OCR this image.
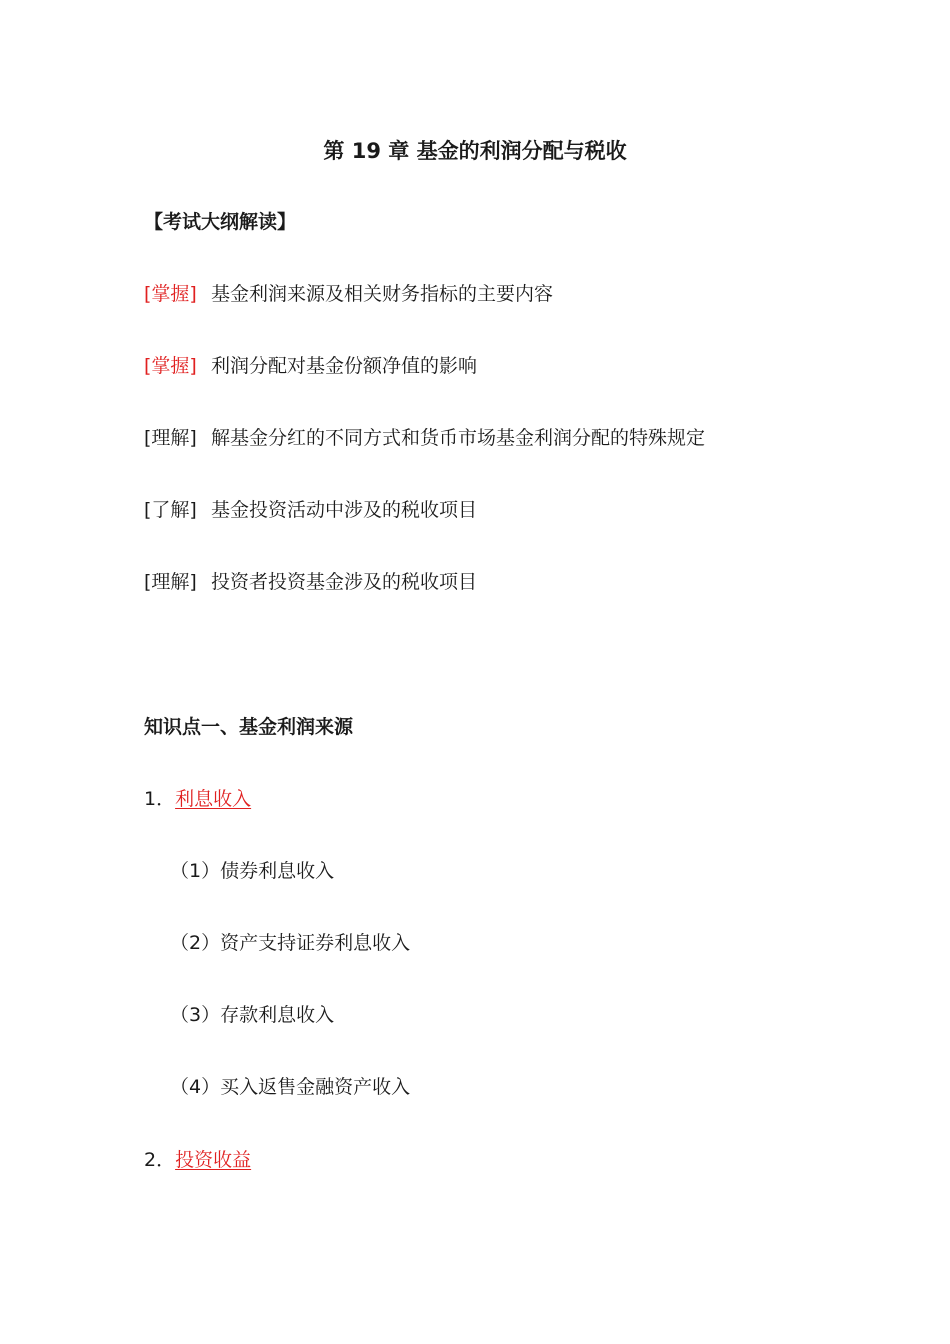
第 19 章 基金的利润分配与税收
【考试大纲解读】
[掌握] 基金利润来源及相关财务指标的主要内容
[掌握] 利润分配对基金份额净值的影响
[理解] 解基金分红的不同方式和货币市场基金利润分配的特殊规定
[了解] 基金投资活动中涉及的税收项目
[理解] 投资者投资基金涉及的税收项目
知识点一、基金利润来源
1．利息收入
（1）债券利息收入
（2）资产支持证券利息收入
（3）存款利息收入
（4）买入返售金融资产收入
2．投资收益
